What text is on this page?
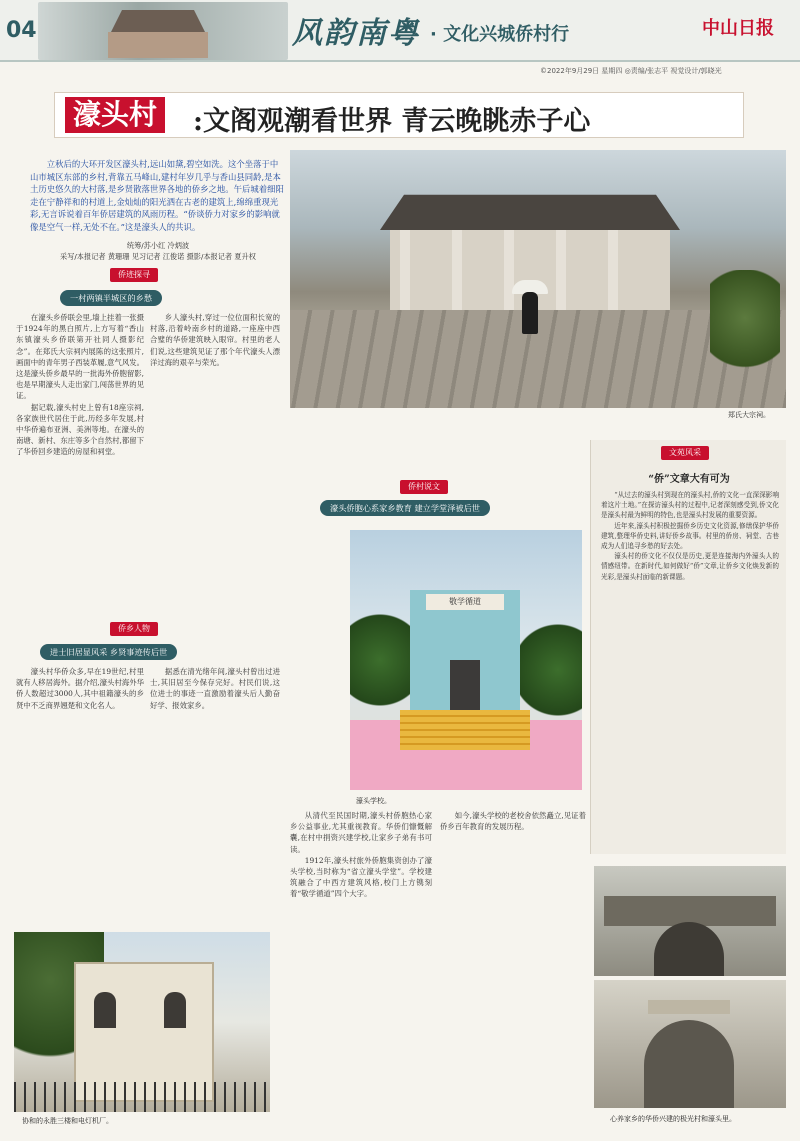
04	风韵南粤 · 文化兴城侨村行	中山日报
©2022年9月29日 星期四 ◎责编/张志平 视觉设计/郭晓光
濠头村 :文阁观潮看世界 青云晚眺赤子心
立秋后的大环开发区濠头村,远山如黛,碧空如洗。这个坐落于中山市城区东部的乡村,背靠五马峰山,建村年岁几乎与香山县同龄,是本土历史悠久的大村落,是乡贤散落世界各地的侨乡之地。午后城着细阳走在宁静祥和的村道上,金灿灿的阳光洒在古老的建筑上,绵绵重现光彩,无言诉说着百年侨居建筑的风雨历程。“侨谈侨力对家乡的影响就像是空气一样,无处不在。”这是濠头人的共识。
统筹/苏小红 冷炳波
采写/本报记者 黄珊珊 见习记者 江俊诺 摄影/本报记者 夏升权
郑氏大宗祠。
侨迹探寻
一村两镇半城区的乡愁

在濠头乡侨联会里,墙上挂着一张摄于1924年的黑白照片,上方写着“香山东镇濠头乡侨联第开社同人摄影纪念”。在郑氏大宗祠内展陈的这张照片,画面中的青年男子西装革履,意气风发。这是濠头侨乡最早的一批海外侨胞留影,也是早期濠头人走出家门,闯荡世界的见证。

据记载,濠头村史上曾有18座宗祠,各家族世代居住于此,历经多年发展,村中华侨遍布亚洲、美洲等地。在濠头的南塘、新村、东庄等多个自然村,都留下了华侨回乡建造的房屋和祠堂。

乡人濠头村,穿过一位位面积长宽的村落,沿着岭南乡村的道路,一座座中西合璧的华侨建筑映入眼帘。村里的老人们说,这些建筑见证了那个年代濠头人漂洋过海的艰辛与荣光。

侨乡人物
进士旧居显风采 乡贤事迹传后世

濠头村华侨众多,早在19世纪,村里就有人移居海外。据介绍,濠头村海外华侨人数超过3000人,其中祖籍濠头的乡贤中不乏商界翘楚和文化名人。

据悉在清光绪年间,濠头村曾出过进士,其旧居至今保存完好。村民们说,这位进士的事迹一直激励着濠头后人勤奋好学、报效家乡。

侨村说文
濠头侨胞心系家乡教育 建立学堂泽被后世
敬学循道
濠头学校。

从清代至民国时期,濠头村侨胞热心家乡公益事业,尤其重视教育。华侨们慷慨解囊,在村中捐资兴建学校,让家乡子弟有书可读。

1912年,濠头村旅外侨胞集资创办了濠头学校,当时称为“省立濠头学堂”。学校建筑融合了中西方建筑风格,校门上方镌刻着“敬学循道”四个大字。

如今,濠头学校的老校舍依然矗立,见证着侨乡百年教育的发展历程。

文苑风采
“侨”文章大有可为

“从过去的濠头村到现在的濠头村,侨的文化一直深深影响着这片土地。”在探访濠头村的过程中,记者深刻感受到,侨文化是濠头村最为鲜明的特色,也是濠头村发展的重要资源。

近年来,濠头村积极挖掘侨乡历史文化资源,修缮保护华侨建筑,整理华侨史料,讲好侨乡故事。村里的侨房、祠堂、古巷成为人们追寻乡愁的好去处。

濠头村的侨文化不仅仅是历史,更是连接海内外濠头人的情感纽带。在新时代,如何做好“侨”文章,让侨乡文化焕发新的光彩,是濠头村面临的新课题。

心养家乡的华侨兴建的极光村和濠头里。
协和的永胜三楼和电灯机厂。
